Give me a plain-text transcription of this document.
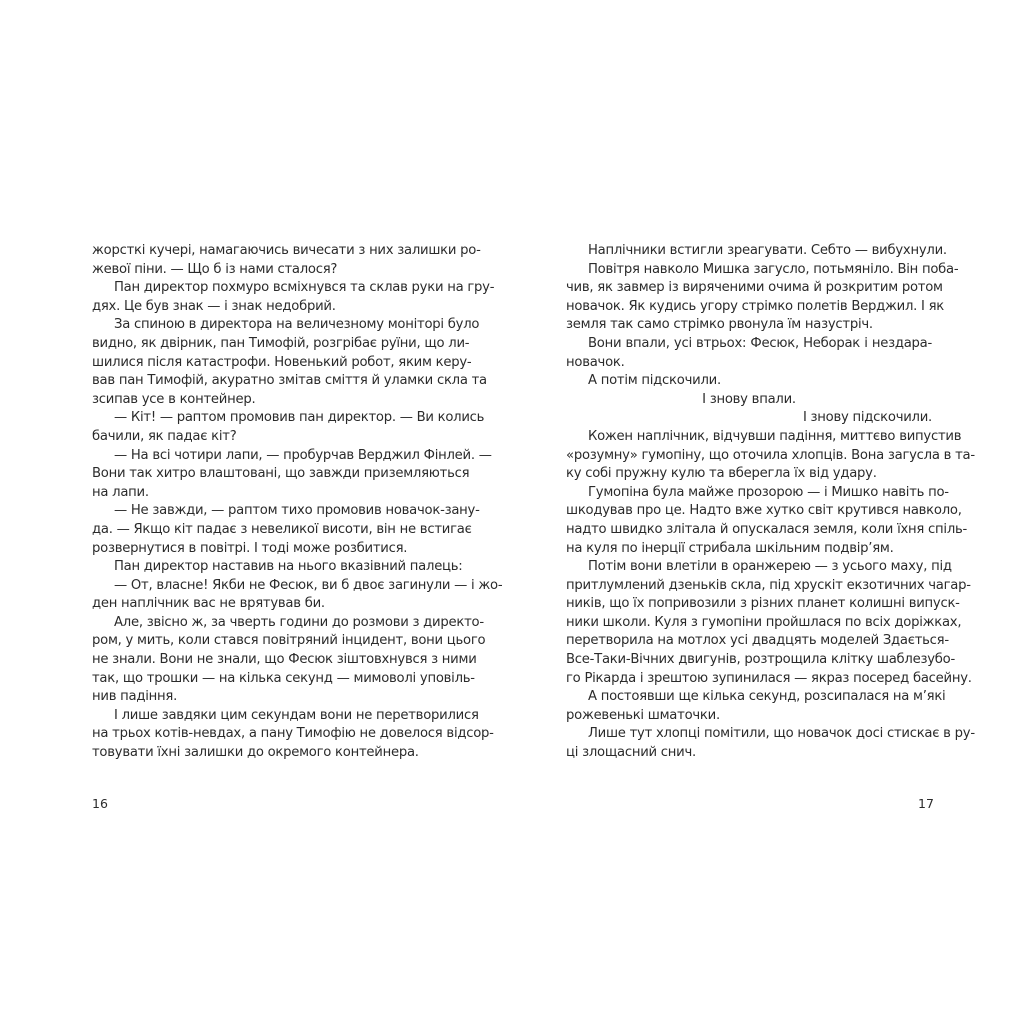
жорсткі кучері, намагаючись вичесати з них залишки ро-
жевої піни. — Що б із нами сталося?
Пан директор похмуро всміхнувся та склав руки на гру-
дях. Це був знак — і знак недобрий.
За спиною в директора на величезному моніторі було
видно, як двірник, пан Тимофій, розгрібає руїни, що ли-
шилися після катастрофи. Новенький робот, яким керу-
вав пан Тимофій, акуратно змітав сміття й уламки скла та
зсипав усе в контейнер.
— Кіт! — раптом промовив пан директор. — Ви колись
бачили, як падає кіт?
— На всі чотири лапи, — пробурчав Верджил Фінлей. —
Вони так хитро влаштовані, що завжди приземляються
на лапи.
— Не завжди, — раптом тихо промовив новачок-зану-
да. — Якщо кіт падає з невеликої висоти, він не встигає
розвернутися в повітрі. І тоді може розбитися.
Пан директор наставив на нього вказівний палець:
— От, власне! Якби не Фесюк, ви б двоє загинули — і жо-
ден наплічник вас не врятував би.
Але, звісно ж, за чверть години до розмови з директо-
ром, у мить, коли стався повітряний інцидент, вони цього
не знали. Вони не знали, що Фесюк зіштовхнувся з ними
так, що трошки — на кілька секунд — мимоволі уповіль-
нив падіння.
І лише завдяки цим секундам вони не перетворилися
на трьох котів-невдах, а пану Тимофію не довелося відсор-
товувати їхні залишки до окремого контейнера.
Наплічники встигли зреагувати. Себто — вибухнули.
Повітря навколо Мишка загусло, потьмяніло. Він поба-
чив, як завмер із виряченими очима й розкритим ротом
новачок. Як кудись угору стрімко полетів Верджил. І як
земля так само стрімко рвонула їм назустріч.
Вони впали, усі втрьох: Фесюк, Неборак і нездара-
новачок.
А потім підскочили.
І знову впали.
І знову підскочили.
Кожен наплічник, відчувши падіння, миттєво випустив
«розумну» гумопіну, що оточила хлопців. Вона загусла в та-
ку собі пружну кулю та вберегла їх від удару.
Гумопіна була майже прозорою — і Мишко навіть по-
шкодував про це. Надто вже хутко світ крутився навколо,
надто швидко злітала й опускалася земля, коли їхня спіль-
на куля по інерції стрибала шкільним подвір’ям.
Потім вони влетіли в оранжерею — з усього маху, під
притлумлений дзеньків скла, під хрускіт екзотичних чагар-
ників, що їх попривозили з різних планет колишні випуск-
ники школи. Куля з гумопіни пройшлася по всіх доріжках,
перетворила на мотлох усі двадцять моделей Здається-
Все-Таки-Вічних двигунів, розтрощила клітку шаблезубо-
го Рікарда і зрештою зупинилася — якраз посеред басейну.
А постоявши ще кілька секунд, розсипалася на м’які
рожевенькі шматочки.
Лише тут хлопці помітили, що новачок досі стискає в ру-
ці злощасний снич.
16	17
